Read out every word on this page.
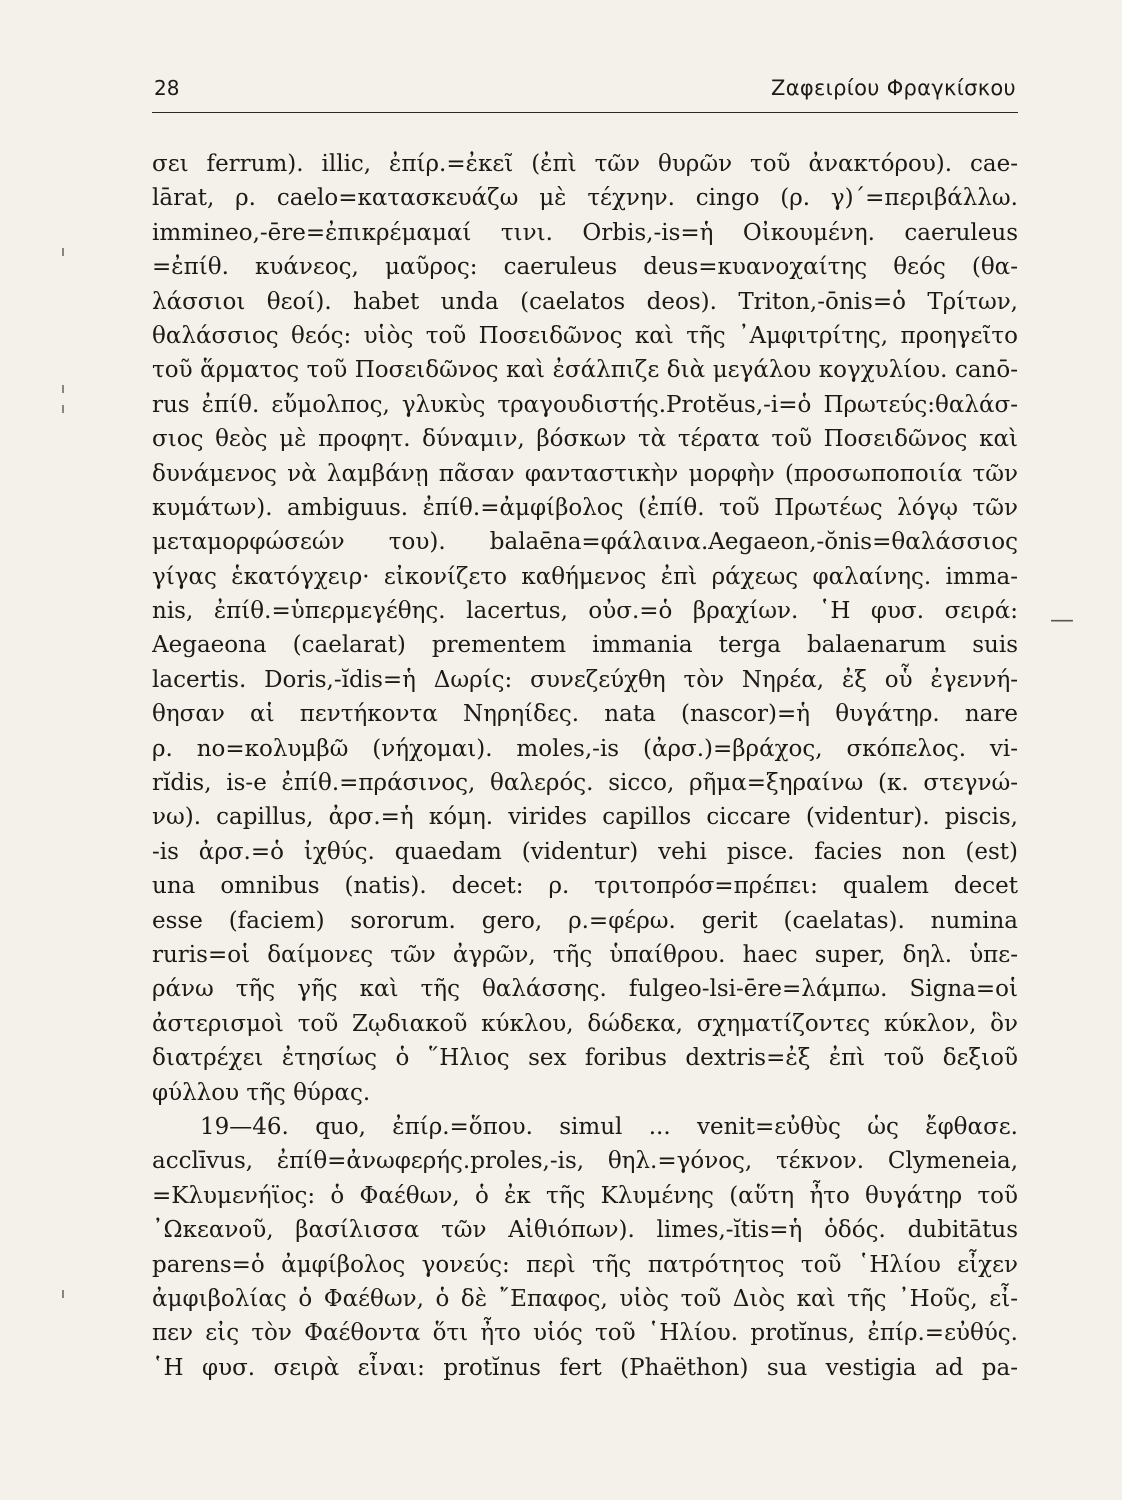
28	Ζαφειρίου Φραγκίσκου
—
σει ferrum). illic, ἐπίρ.=ἐκεῖ (ἐπὶ τῶν θυρῶν τοῦ ἀνακτόρου). cae-
lārat, ρ. caelo=κατασκευάζω μὲ τέχνην. cingo (ρ. γ)΄=περιβάλλω.
immineo,-ēre=ἐπικρέμαμαί τινι. Orbis,-is=ἡ Οἰκουμένη. caeruleus
=ἐπίθ. κυάνεος, μαῦρος: caeruleus deus=κυανοχαίτης θεός (θα-
λάσσιοι θεοί). habet unda (caelatos deos). Triton,-ōnis=ὁ Τρίτων,
θαλάσσιος θεός: υἱὸς τοῦ Ποσειδῶνος καὶ τῆς ᾿Αμφιτρίτης, προηγεῖτο
τοῦ ἅρματος τοῦ Ποσειδῶνος καὶ ἐσάλπιζε διὰ μεγάλου κογχυλίου. canō-
rus ἐπίθ. εὔμολπος, γλυκὺς τραγουδιστής.Protĕus,-i=ὁ Πρωτεύς:θαλάσ-
σιος θεὸς μὲ προφητ. δύναμιν, βόσκων τὰ τέρατα τοῦ Ποσειδῶνος καὶ
δυνάμενος νὰ λαμβάνῃ πᾶσαν φανταστικὴν μορφὴν (προσωποποιία τῶν
κυμάτων). ambiguus. ἐπίθ.=ἀμφίβολος (ἐπίθ. τοῦ Πρωτέως λόγῳ τῶν
μεταμορφώσεών του). balaēna=φάλαινα.Aegaeon,-ŏnis=θαλάσσιος
γίγας ἑκατόγχειρ· εἰκονίζετο καθήμενος ἐπὶ ράχεως φαλαίνης. imma-
nis, ἐπίθ.=ὑπερμεγέθης. lacertus, οὐσ.=ὁ βραχίων. ῾Η φυσ. σειρά:
Aegaeona (caelarat) prementem immania terga balaenarum suis
lacertis. Doris,-ĭdis=ἡ Δωρίς: συνεζεύχθη τὸν Νηρέα, ἐξ οὗ ἐγεννή-
θησαν αἱ πεντήκοντα Νηρηίδες. nata (nascor)=ἡ θυγάτηρ. nare
ρ. no=κολυμβῶ (νήχομαι). moles,-is (ἀρσ.)=βράχος, σκόπελος. vi-
rĭdis, is-e ἐπίθ.=πράσινος, θαλερός. sicco, ρῆμα=ξηραίνω (κ. στεγνώ-
νω). capillus, ἀρσ.=ἡ κόμη. virides capillos ciccare (videntur). piscis,
-is ἀρσ.=ὁ ἰχθύς. quaedam (videntur) vehi pisce. facies non (est)
una omnibus (natis). decet: ρ. τριτοπρόσ=πρέπει: qualem decet
esse (faciem) sororum. gero, ρ.=φέρω. gerit (caelatas). numina
ruris=οἱ δαίμονες τῶν ἀγρῶν, τῆς ὑπαίθρου. haec super, δηλ. ὑπε-
ράνω τῆς γῆς καὶ τῆς θαλάσσης. fulgeo-lsi-ēre=λάμπω. Signa=οἱ
ἀστερισμοὶ τοῦ Ζῳδιακοῦ κύκλου, δώδεκα, σχηματίζοντες κύκλον, ὃν
διατρέχει ἐτησίως ὁ ῞Ηλιος sex foribus dextris=ἐξ ἐπὶ τοῦ δεξιοῦ
φύλλου τῆς θύρας.
19—46. quo, ἐπίρ.=ὅπου. simul ... venit=εὐθὺς ὡς ἔφθασε.
acclīvus, ἐπίθ=ἀνωφερής.proles,-is, θηλ.=γόνος, τέκνον. Clymeneia,
=Κλυμενήϊος: ὁ Φαέθων, ὁ ἐκ τῆς Κλυμένης (αὕτη ἦτο θυγάτηρ τοῦ
᾿Ωκεανοῦ, βασίλισσα τῶν Αἰθιόπων). limes,-ĭtis=ἡ ὁδός. dubitātus
parens=ὁ ἀμφίβολος γονεύς: περὶ τῆς πατρότητος τοῦ ῾Ηλίου εἶχεν
ἀμφιβολίας ὁ Φαέθων, ὁ δὲ ῎Επαφος, υἱὸς τοῦ Διὸς καὶ τῆς ᾿Ηοῦς, εἶ-
πεν εἰς τὸν Φαέθοντα ὅτι ἦτο υἱός τοῦ ῾Ηλίου. protĭnus, ἐπίρ.=εὐθύς.
῾Η φυσ. σειρὰ εἶναι: protĭnus fert (Phaëthon) sua vestigia ad pa-
